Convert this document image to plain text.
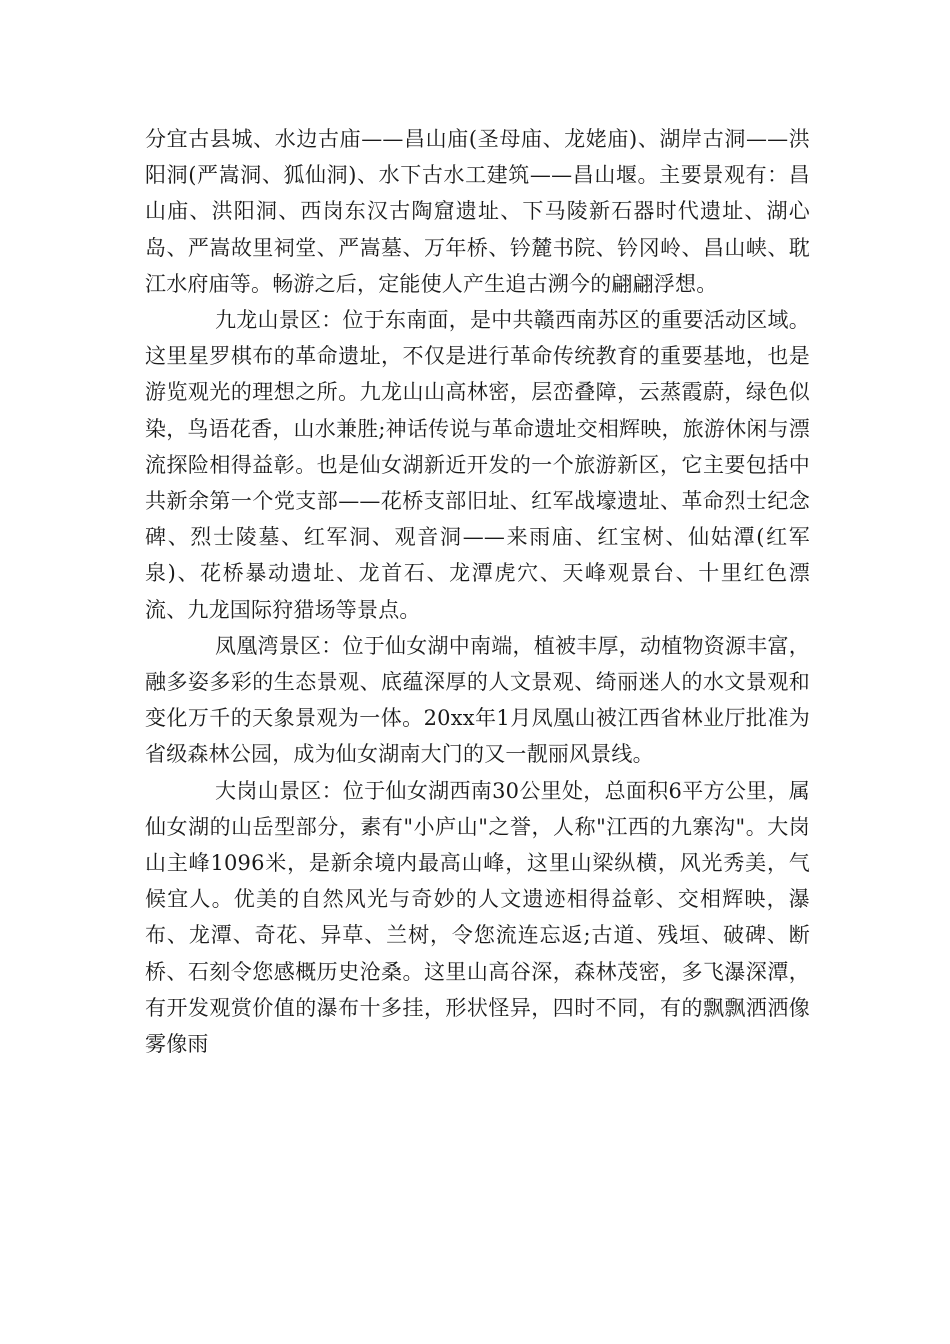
分宜古县城、水边古庙——昌山庙(圣母庙、龙姥庙)、湖岸古洞——洪阳洞(严嵩洞、狐仙洞)、水下古水工建筑——昌山堰。主要景观有：昌山庙、洪阳洞、西岗东汉古陶窟遗址、下马陵新石器时代遗址、湖心岛、严嵩故里祠堂、严嵩墓、万年桥、钤麓书院、钤冈岭、昌山峡、耽江水府庙等。畅游之后，定能使人产生追古溯今的翩翩浮想。

九龙山景区：位于东南面，是中共赣西南苏区的重要活动区域。这里星罗棋布的革命遗址，不仅是进行革命传统教育的重要基地，也是游览观光的理想之所。九龙山山高林密，层峦叠障，云蒸霞蔚，绿色似染，鸟语花香，山水兼胜;神话传说与革命遗址交相辉映，旅游休闲与漂流探险相得益彰。也是仙女湖新近开发的一个旅游新区，它主要包括中共新余第一个党支部——花桥支部旧址、红军战壕遗址、革命烈士纪念碑、烈士陵墓、红军洞、观音洞——来雨庙、红宝树、仙姑潭(红军泉)、花桥暴动遗址、龙首石、龙潭虎穴、天峰观景台、十里红色漂流、九龙国际狩猎场等景点。

凤凰湾景区：位于仙女湖中南端，植被丰厚，动植物资源丰富，融多姿多彩的生态景观、底蕴深厚的人文景观、绮丽迷人的水文景观和变化万千的天象景观为一体。20xx年1月凤凰山被江西省林业厅批准为省级森林公园，成为仙女湖南大门的又一靓丽风景线。

大岗山景区：位于仙女湖西南30公里处，总面积6平方公里，属仙女湖的山岳型部分，素有"小庐山"之誉，人称"江西的九寨沟"。大岗山主峰1096米，是新余境内最高山峰，这里山梁纵横，风光秀美，气候宜人。优美的自然风光与奇妙的人文遗迹相得益彰、交相辉映，瀑布、龙潭、奇花、异草、兰树，令您流连忘返;古道、残垣、破碑、断桥、石刻令您感概历史沧桑。这里山高谷深，森林茂密，多飞瀑深潭，有开发观赏价值的瀑布十多挂，形状怪异，四时不同，有的飘飘洒洒像雾像雨
